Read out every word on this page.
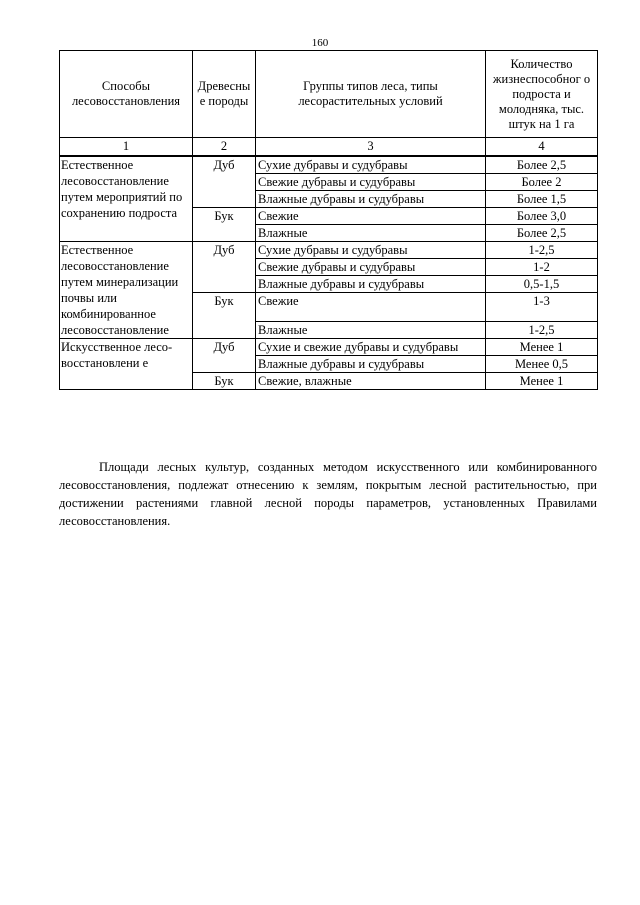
160
Способы лесовосстановления	Древесны е породы	Группы типов леса, типы лесорастительных условий	Количество жизнеспособног о подроста и молодняка, тыс. штук на 1 га
1	2	3	4
Естественное лесовосстановление путем мероприятий по сохранению подроста	Дуб	Сухие дубравы и судубравы	Более 2,5
		Свежие дубравы и судубравы	Более 2
		Влажные дубравы и судубравы	Более 1,5
	Бук	Свежие	Более 3,0
		Влажные	Более 2,5
Естественное лесовосстановление путем минерализации почвы или комбинированное лесовосстановление	Дуб	Сухие дубравы и судубравы	1-2,5
		Свежие дубравы и судубравы	1-2
		Влажные дубравы и судубравы	0,5-1,5
	Бук	Свежие	1-3
		Влажные	1-2,5
Искусственное лесо-восстановлени е	Дуб	Сухие и свежие дубравы и судубравы	Менее 1
		Влажные дубравы и судубравы	Менее 0,5
	Бук	Свежие, влажные	Менее 1

Площади лесных культур, созданных методом искусственного или комбинированного лесовосстановления, подлежат отнесению к землям, покрытым лесной растительностью, при достижении растениями главной лесной породы параметров, установленных Правилами лесовосстановления.
